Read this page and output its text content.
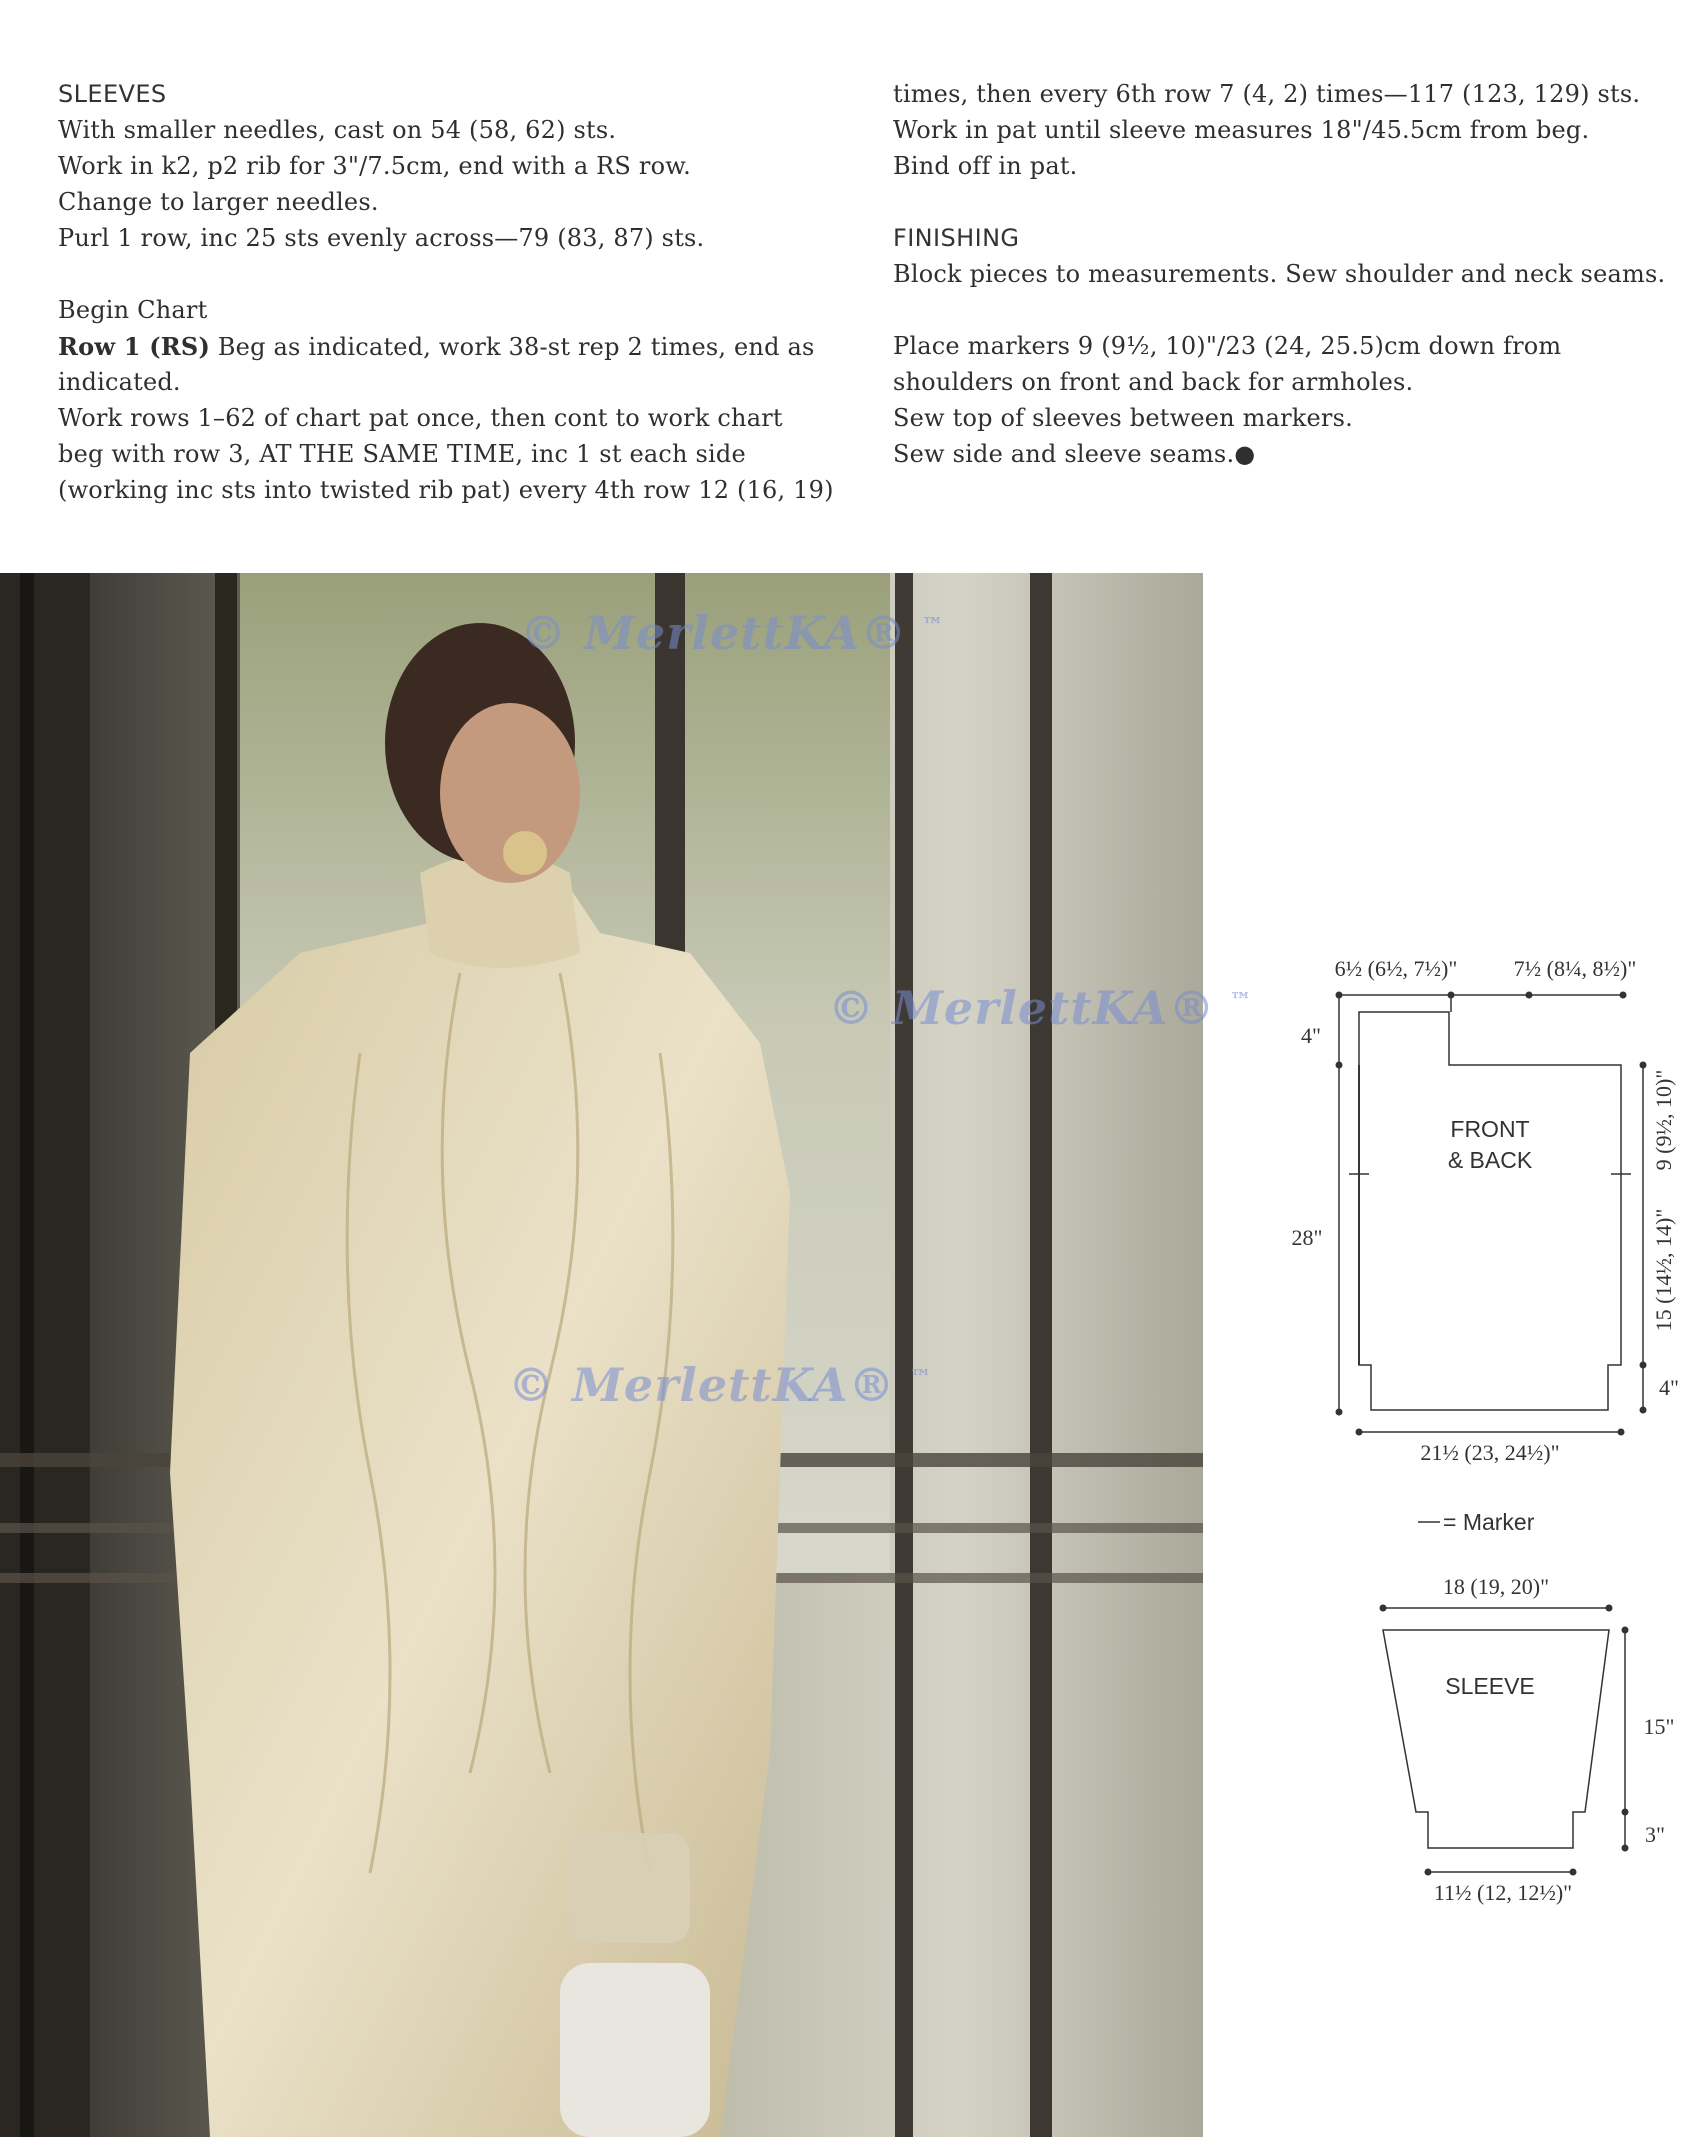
SLEEVES
With smaller needles, cast on 54 (58, 62) sts.
Work in k2, p2 rib for 3"/7.5cm, end with a RS row.
Change to larger needles.
Purl 1 row, inc 25 sts evenly across—79 (83, 87) sts.
Begin Chart
Row 1 (RS) Beg as indicated, work 38-st rep 2 times, end as
indicated.
Work rows 1–62 of chart pat once, then cont to work chart
beg with row 3, AT THE SAME TIME, inc 1 st each side
(working inc sts into twisted rib pat) every 4th row 12 (16, 19)
times, then every 6th row 7 (4, 2) times—117 (123, 129) sts.
Work in pat until sleeve measures 18"/45.5cm from beg.
Bind off in pat.
FINISHING
Block pieces to measurements. Sew shoulder and neck seams.
Place markers 9 (9½, 10)"/23 (24, 25.5)cm down from
shoulders on front and back for armholes.
Sew top of sleeves between markers.
Sew side and sleeve seams.●
© MerlettKA® ™
© MerlettKA® ™
© MerlettKA® ™
6½ (6½, 7½)"	7½ (8¼, 8½)"
4"
28"
FRONT
& BACK	9 (9½, 10)"
15 (14½, 14)"
4"
21½ (23, 24½)"
= Marker
18 (19, 20)"
SLEEVE
15"
3"
11½ (12, 12½)"
